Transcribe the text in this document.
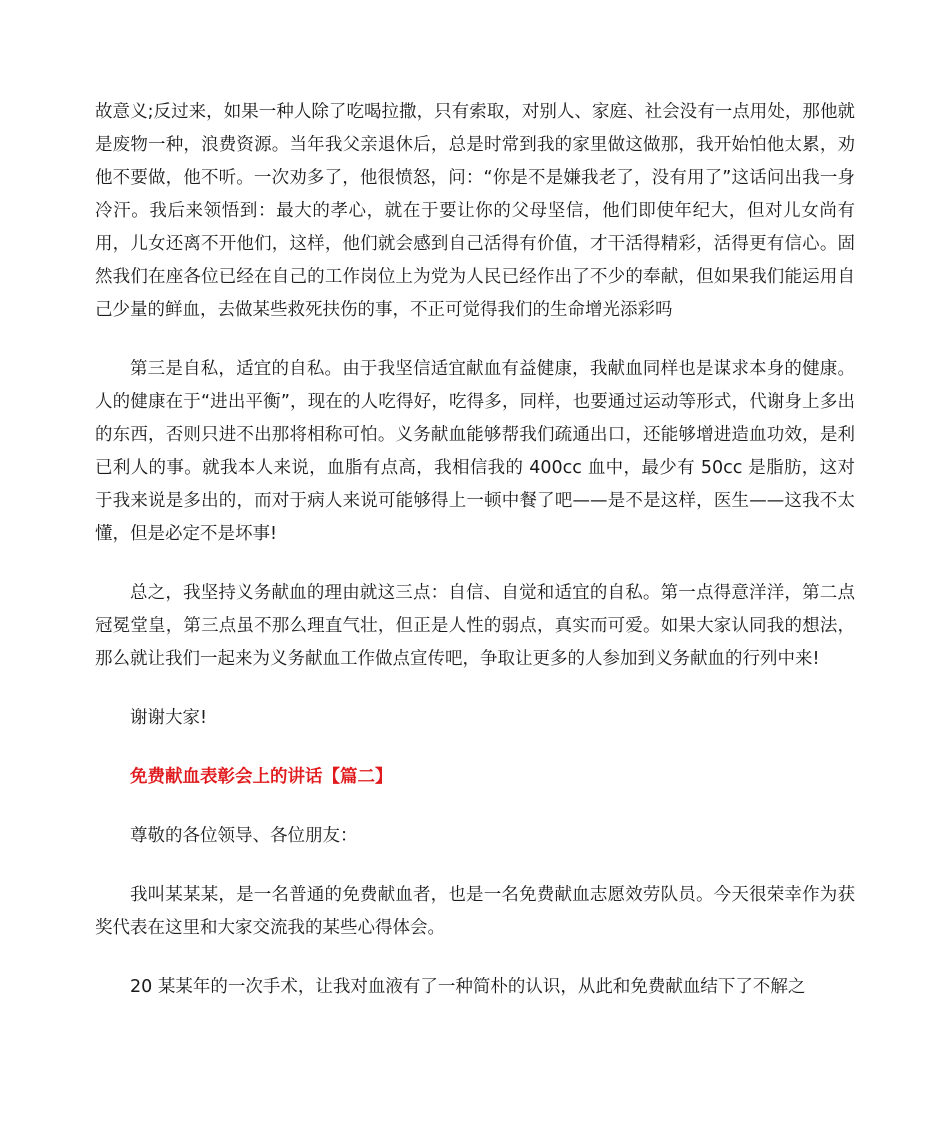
故意义;反过来，如果一种人除了吃喝拉撒，只有索取，对别人、家庭、社会没有一点用处，那他就是废物一种，浪费资源。当年我父亲退休后，总是时常到我的家里做这做那，我开始怕他太累，劝他不要做，他不听。一次劝多了，他很愤怒，问：“你是不是嫌我老了，没有用了”这话问出我一身冷汗。我后来领悟到：最大的孝心，就在于要让你的父母坚信，他们即使年纪大，但对儿女尚有用，儿女还离不开他们，这样，他们就会感到自己活得有价值，才干活得精彩，活得更有信心。固然我们在座各位已经在自己的工作岗位上为党为人民已经作出了不少的奉献，但如果我们能运用自己少量的鲜血，去做某些救死扶伤的事，不正可觉得我们的生命增光添彩吗

第三是自私，适宜的自私。由于我坚信适宜献血有益健康，我献血同样也是谋求本身的健康。人的健康在于“进出平衡”，现在的人吃得好，吃得多，同样，也要通过运动等形式，代谢身上多出的东西，否则只进不出那将相称可怕。义务献血能够帮我们疏通出口，还能够增进造血功效，是利已利人的事。就我本人来说，血脂有点高，我相信我的 400cc 血中，最少有 50cc 是脂肪，这对于我来说是多出的，而对于病人来说可能够得上一顿中餐了吧——是不是这样，医生——这我不太懂，但是必定不是坏事!

总之，我坚持义务献血的理由就这三点：自信、自觉和适宜的自私。第一点得意洋洋，第二点冠冕堂皇，第三点虽不那么理直气壮，但正是人性的弱点，真实而可爱。如果大家认同我的想法，那么就让我们一起来为义务献血工作做点宣传吧，争取让更多的人参加到义务献血的行列中来!

谢谢大家!

免费献血表彰会上的讲话【篇二】

尊敬的各位领导、各位朋友：

我叫某某某，是一名普通的免费献血者，也是一名免费献血志愿效劳队员。今天很荣幸作为获奖代表在这里和大家交流我的某些心得体会。

20 某某年的一次手术，让我对血液有了一种简朴的认识，从此和免费献血结下了不解之
